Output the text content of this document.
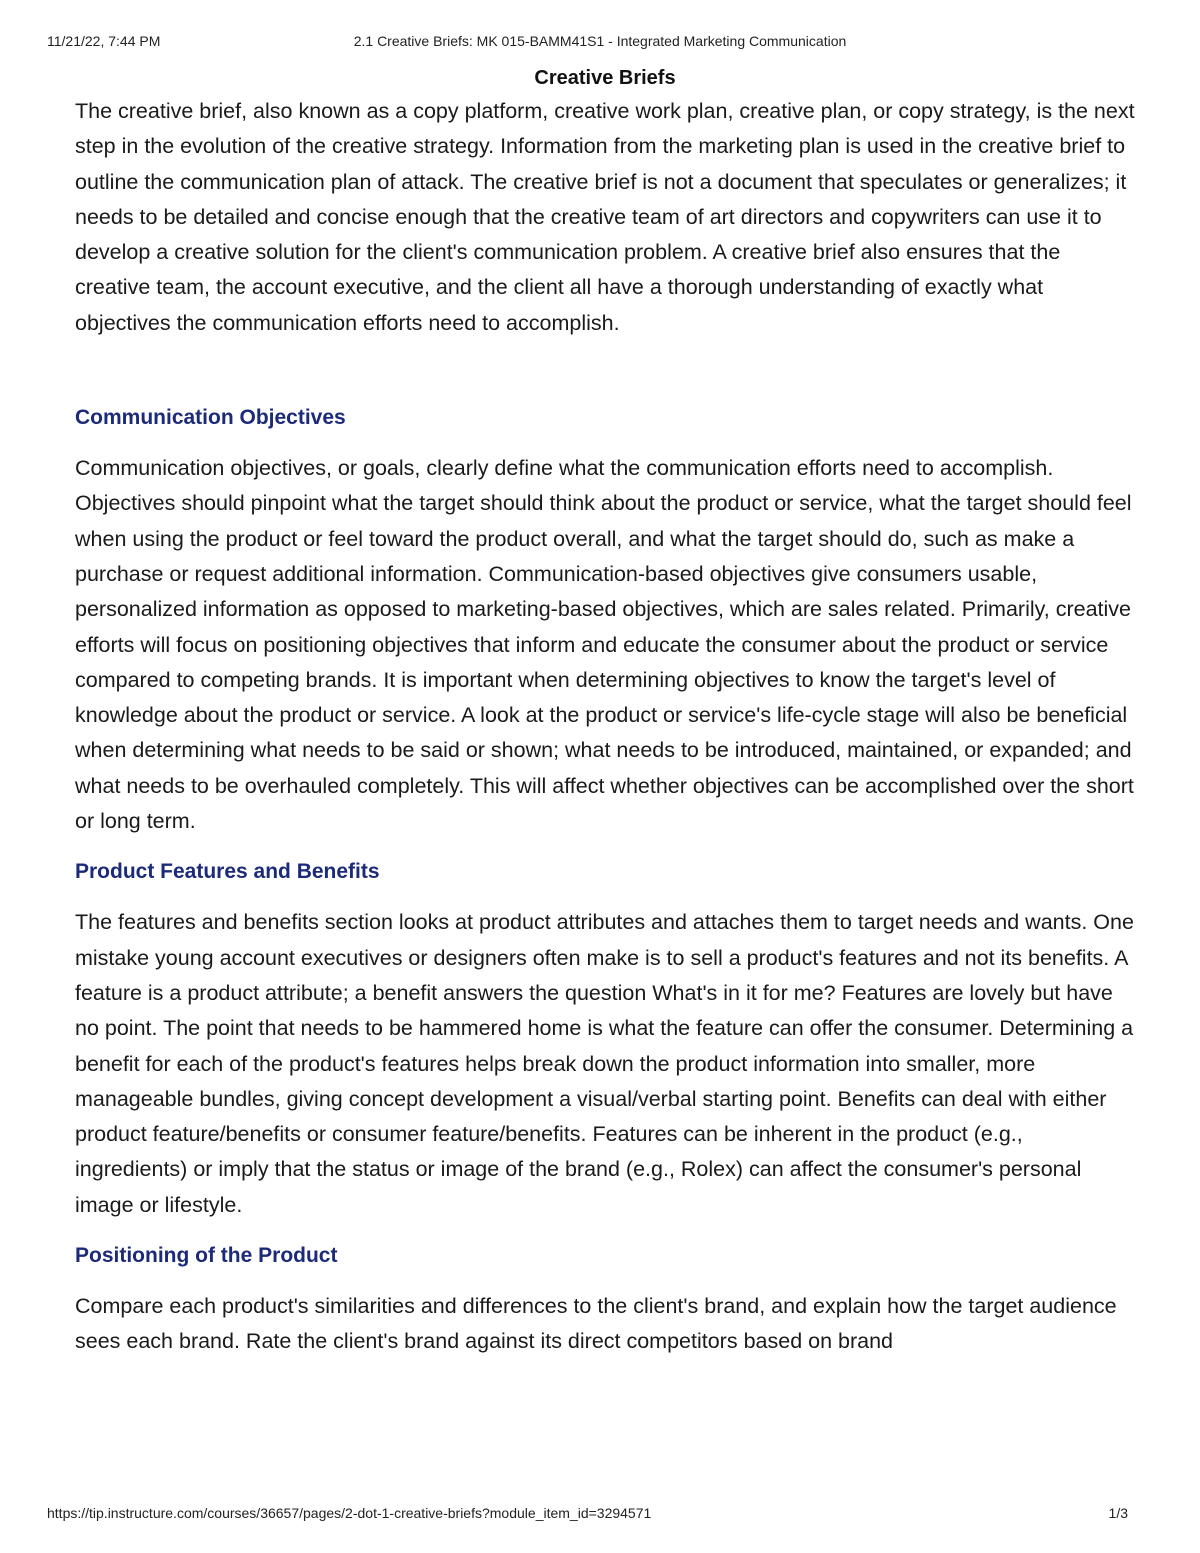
11/21/22, 7:44 PM	2.1 Creative Briefs: MK 015-BAMM41S1 - Integrated Marketing Communication
Creative Briefs

The creative brief, also known as a copy platform, creative work plan, creative plan, or copy strategy, is the next step in the evolution of the creative strategy. Information from the marketing plan is used in the creative brief to outline the communication plan of attack. The creative brief is not a document that speculates or generalizes; it needs to be detailed and concise enough that the creative team of art directors and copywriters can use it to develop a creative solution for the client's communication problem. A creative brief also ensures that the creative team, the account executive, and the client all have a thorough understanding of exactly what objectives the communication efforts need to accomplish.

Communication Objectives

Communication objectives, or goals, clearly define what the communication efforts need to accomplish. Objectives should pinpoint what the target should think about the product or service, what the target should feel when using the product or feel toward the product overall, and what the target should do, such as make a purchase or request additional information. Communication-based objectives give consumers usable, personalized information as opposed to marketing-based objectives, which are sales related. Primarily, creative efforts will focus on positioning objectives that inform and educate the consumer about the product or service compared to competing brands. It is important when determining objectives to know the target's level of knowledge about the product or service. A look at the product or service's life-cycle stage will also be beneficial when determining what needs to be said or shown; what needs to be introduced, maintained, or expanded; and what needs to be overhauled completely. This will affect whether objectives can be accomplished over the short or long term.

Product Features and Benefits

The features and benefits section looks at product attributes and attaches them to target needs and wants. One mistake young account executives or designers often make is to sell a product's features and not its benefits. A feature is a product attribute; a benefit answers the question What's in it for me? Features are lovely but have no point. The point that needs to be hammered home is what the feature can offer the consumer. Determining a benefit for each of the product's features helps break down the product information into smaller, more manageable bundles, giving concept development a visual/verbal starting point. Benefits can deal with either product feature/benefits or consumer feature/benefits. Features can be inherent in the product (e.g., ingredients) or imply that the status or image of the brand (e.g., Rolex) can affect the consumer's personal image or lifestyle.

Positioning of the Product

Compare each product's similarities and differences to the client's brand, and explain how the target audience sees each brand. Rate the client's brand against its direct competitors based on brand

https://tip.instructure.com/courses/36657/pages/2-dot-1-creative-briefs?module_item_id=3294571	1/3
